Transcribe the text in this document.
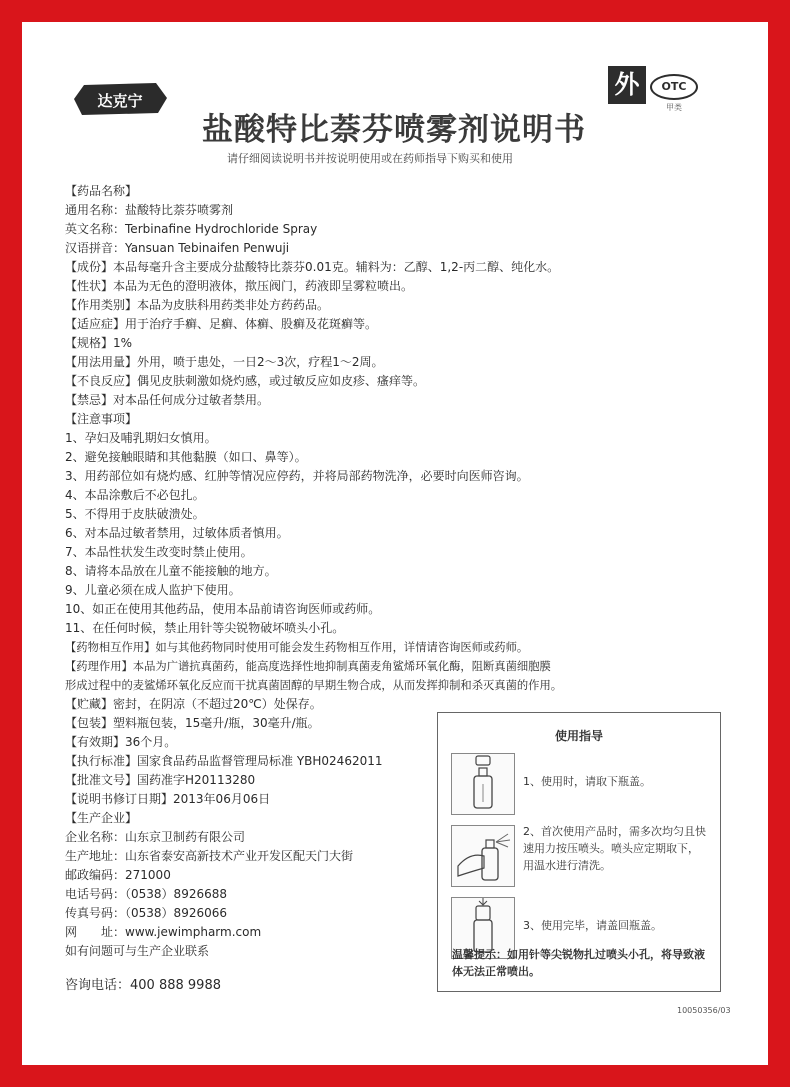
达克宁
盐酸特比萘芬喷雾剂说明书
请仔细阅读说明书并按说明使用或在药师指导下购买和使用
外	OTC
甲类
【药品名称】
通用名称：盐酸特比萘芬喷雾剂
英文名称：Terbinafine Hydrochloride Spray
汉语拼音：Yansuan Tebinaifen Penwuji
【成份】本品每毫升含主要成分盐酸特比萘芬0.01克。辅料为：乙醇、1,2-丙二醇、纯化水。
【性状】本品为无色的澄明液体，揿压阀门，药液即呈雾粒喷出。
【作用类别】本品为皮肤科用药类非处方药药品。
【适应症】用于治疗手癣、足癣、体癣、股癣及花斑癣等。
【规格】1%
【用法用量】外用，喷于患处，一日2～3次，疗程1～2周。
【不良反应】偶见皮肤刺激如烧灼感，或过敏反应如皮疹、瘙痒等。
【禁忌】对本品任何成分过敏者禁用。
【注意事项】
1、孕妇及哺乳期妇女慎用。
2、避免接触眼睛和其他黏膜（如口、鼻等）。
3、用药部位如有烧灼感、红肿等情况应停药，并将局部药物洗净，必要时向医师咨询。
4、本品涂敷后不必包扎。
5、不得用于皮肤破溃处。
6、对本品过敏者禁用，过敏体质者慎用。
7、本品性状发生改变时禁止使用。
8、请将本品放在儿童不能接触的地方。
9、儿童必须在成人监护下使用。
10、如正在使用其他药品，使用本品前请咨询医师或药师。
11、在任何时候，禁止用针等尖锐物破坏喷头小孔。
【药物相互作用】如与其他药物同时使用可能会发生药物相互作用，详情请咨询医师或药师。
【药理作用】本品为广谱抗真菌药，能高度选择性地抑制真菌麦角鲨烯环氧化酶，阻断真菌细胞膜
形成过程中的麦鲨烯环氧化反应而干扰真菌固醇的早期生物合成，从而发挥抑制和杀灭真菌的作用。
【贮藏】密封，在阴凉（不超过20℃）处保存。
【包装】塑料瓶包装，15毫升/瓶，30毫升/瓶。
【有效期】36个月。
【执行标准】国家食品药品监督管理局标准 YBH02462011
【批准文号】国药准字H20113280
【说明书修订日期】2013年06月06日
【生产企业】
企业名称：山东京卫制药有限公司
生产地址：山东省泰安高新技术产业开发区配天门大街
邮政编码：271000
电话号码：（0538）8926688
传真号码：（0538）8926066
网　　址：www.jewimpharm.com
如有问题可与生产企业联系
咨询电话：400 888 9988
使用指导
1、使用时，请取下瓶盖。
2、首次使用产品时，需多次均匀且快速用力按压喷头。喷头应定期取下，用温水进行清洗。
3、使用完毕，请盖回瓶盖。
温馨提示：如用针等尖锐物扎过喷头小孔，将导致液体无法正常喷出。
10050356/03
